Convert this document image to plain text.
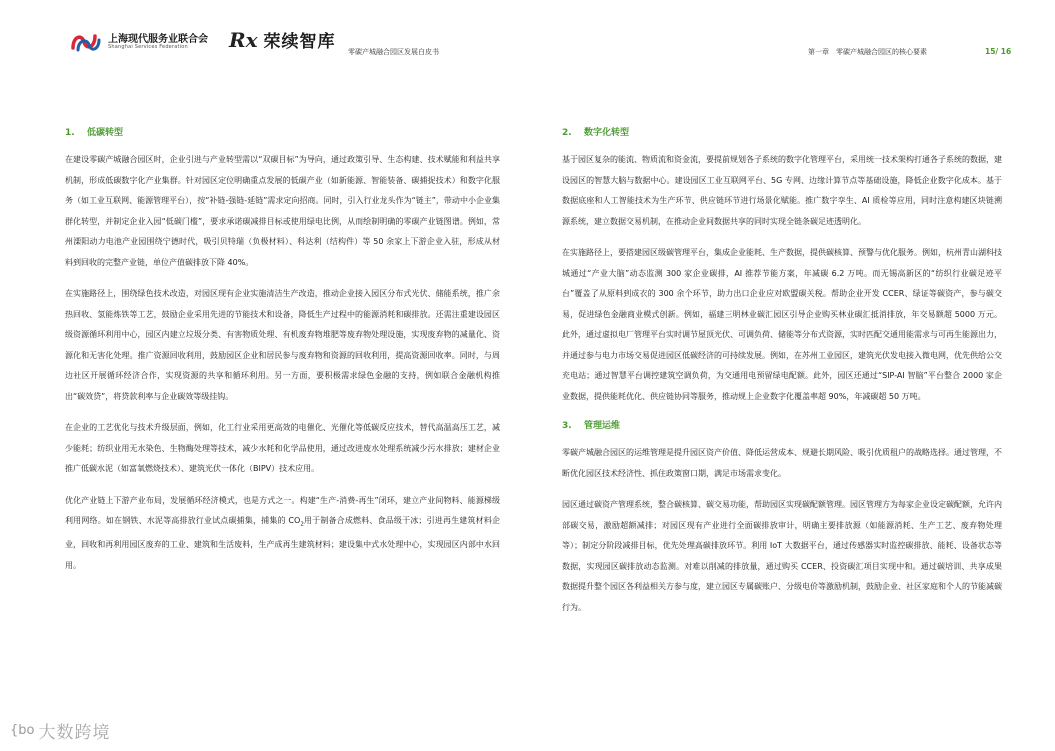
上海现代服务业联合会
Shanghai Services Federation	Rx 荣续智库 零碳产城融合园区发展白皮书	第一章　零碳产城融合园区的核心要素	15/ 16
1. 低碳转型

在建设零碳产城融合园区时，企业引进与产业转型需以“双碳目标”为导向，通过政策引导、生态构建、技术赋能和利益共享机制，形成低碳数字化产业集群。针对园区定位明确重点发展的低碳产业（如新能源、智能装备、碳捕捉技术）和数字化服务（如工业互联网、能源管理平台），按“补链-强链-延链”需求定向招商。同时，引入行业龙头作为“链主”，带动中小企业集群化转型，并制定企业入园“低碳门槛”，要求承诺碳减排目标或使用绿电比例，从而绘制明确的零碳产业链图谱。例如，常州溧阳动力电池产业园围绕宁德时代，吸引贝特瑞（负极材料）、科达利（结构件）等 50 余家上下游企业入驻，形成从材料到回收的完整产业链，单位产值碳排放下降 40%。

在实施路径上，围绕绿色技术改造，对园区现有企业实施清洁生产改造，推动企业接入园区分布式光伏、储能系统，推广余热回收、氢能炼铁等工艺，鼓励企业采用先进的节能技术和设备，降低生产过程中的能源消耗和碳排放。还需注重建设园区级资源循环利用中心，园区内建立垃圾分类、有害物质处理、有机废弃物堆肥等废弃物处理设施，实现废弃物的减量化、资源化和无害化处理。推广资源回收利用，鼓励园区企业和居民参与废弃物和资源的回收利用，提高资源回收率。同时，与周边社区开展循环经济合作，实现资源的共享和循环利用。另一方面，要积极需求绿色金融的支持，例如联合金融机构推出“碳效贷”，将贷款利率与企业碳效等级挂钩。

在企业的工艺优化与技术升级层面，例如，化工行业采用更高效的电催化、光催化等低碳反应技术，替代高温高压工艺，减少能耗；纺织业用无水染色、生物酶处理等技术，减少水耗和化学品使用，通过改进废水处理系统减少污水排放；建材企业推广低碳水泥（如富氧燃烧技术）、建筑光伏一体化（BIPV）技术应用。

优化产业链上下游产业布局，发展循环经济模式，也是方式之一。构建“生产-消费-再生”闭环，建立产业间物料、能源梯级利用网络。如在钢铁、水泥等高排放行业试点碳捕集，捕集的 $CO_2$用于制备合成燃料、食品级干冰；引进再生建筑材料企业，回收和再利用园区废弃的工业、建筑和生活废料，生产成再生建筑材料；建设集中式水处理中心，实现园区内部中水回用。

2. 数字化转型

基于园区复杂的能流、物质流和资金流，要提前规划各子系统的数字化管理平台，采用统一技术架构打通各子系统的数据，建设园区的智慧大脑与数据中心。建设园区工业互联网平台、5G 专网、边缘计算节点等基础设施，降低企业数字化成本。基于数据底座和人工智能技术为生产环节、供应链环节进行场景化赋能。推广数字孪生、AI 质检等应用，同时注意构建区块链溯源系统，建立数据交易机制，在推动企业间数据共享的同时实现全链条碳足迹透明化。

在实施路径上，要搭建园区级碳管理平台，集成企业能耗、生产数据，提供碳核算、预警与优化服务。例如，杭州青山湖科技城通过“产业大脑”动态监测 300 家企业碳排，AI 推荐节能方案，年减碳 6.2 万吨。而无锡高新区的“纺织行业碳足迹平台”覆盖了从原料到成衣的 300 余个环节，助力出口企业应对欧盟碳关税。帮助企业开发 CCER、绿证等碳资产，参与碳交易，促进绿色金融商业模式创新。例如，福建三明林业碳汇园区引导企业购买林业碳汇抵消排放，年交易额超 5000 万元。此外，通过虚拟电厂管理平台实时调节屋顶光伏、可调负荷、储能等分布式资源，实时匹配交通用能需求与可再生能源出力，并通过参与电力市场交易促进园区低碳经济的可持续发展。例如，在苏州工业园区，建筑光伏发电接入微电网，优先供给公交充电站；通过智慧平台调控建筑空调负荷，为交通用电预留绿电配额。此外，园区还通过“SIP-AI 智脑”平台整合 2000 家企业数据，提供能耗优化、供应链协同等服务，推动规上企业数字化覆盖率超 90%，年减碳超 50 万吨。

3. 管理运维

零碳产城融合园区的运维管理是提升园区资产价值、降低运营成本、规避长期风险、吸引优质租户的战略选择。通过管理，不断优化园区技术经济性、抓住政策窗口期，满足市场需求变化。

园区通过碳资产管理系统，整合碳核算、碳交易功能，帮助园区实现碳配额管理。园区管理方为每家企业设定碳配额，允许内部碳交易，激励超额减排；对园区现有产业进行全面碳排放审计，明确主要排放源（如能源消耗、生产工艺、废弃物处理等）；制定分阶段减排目标，优先处理高碳排放环节。利用 IoT 大数据平台，通过传感器实时监控碳排放、能耗、设备状态等数据，实现园区碳排放动态监测。对难以削减的排放量，通过购买 CCER、投资碳汇项目实现中和。通过碳培训、共享成果数据提升整个园区各利益相关方参与度，建立园区专属碳账户、分级电价等激励机制，鼓励企业、社区家庭和个人的节能减碳行为。

{bo 大数跨境
